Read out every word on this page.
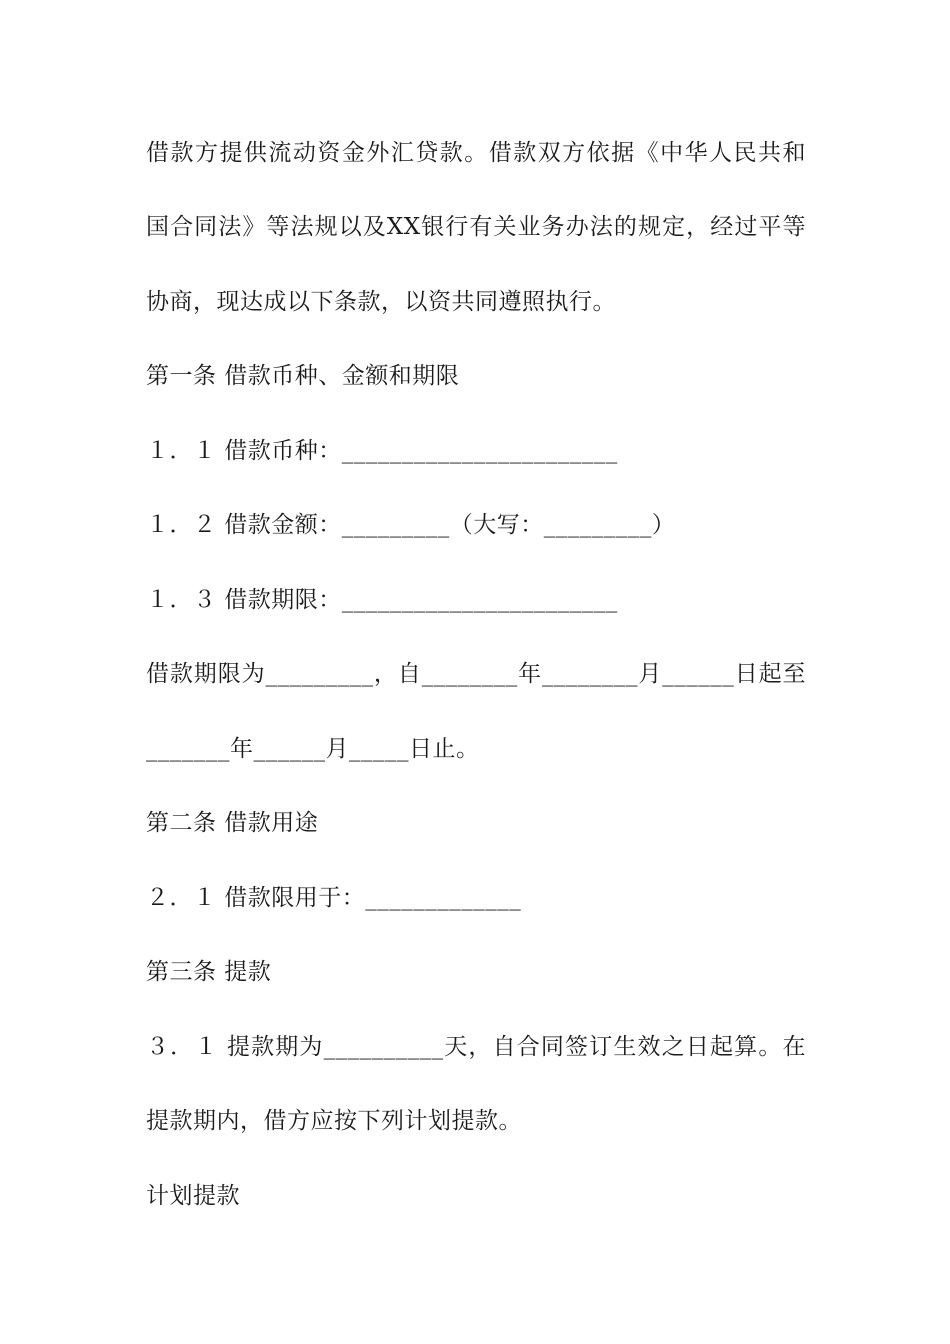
借款方提供流动资金外汇贷款。借款双方依据《中华人民共和
国合同法》等法规以及XX银行有关业务办法的规定，经过平等
协商，现达成以下条款，以资共同遵照执行。
第一条 借款币种、金额和期限
１．１ 借款币种：_______________________
１．２ 借款金额：_________（大写：_________）
１．３ 借款期限：_______________________
借款期限为_________，自________年________月______日起至
_______年______月_____日止。
第二条 借款用途
２．１ 借款限用于：_____________
第三条 提款
３．１ 提款期为__________天，自合同签订生效之日起算。在
提款期内，借方应按下列计划提款。
计划提款
